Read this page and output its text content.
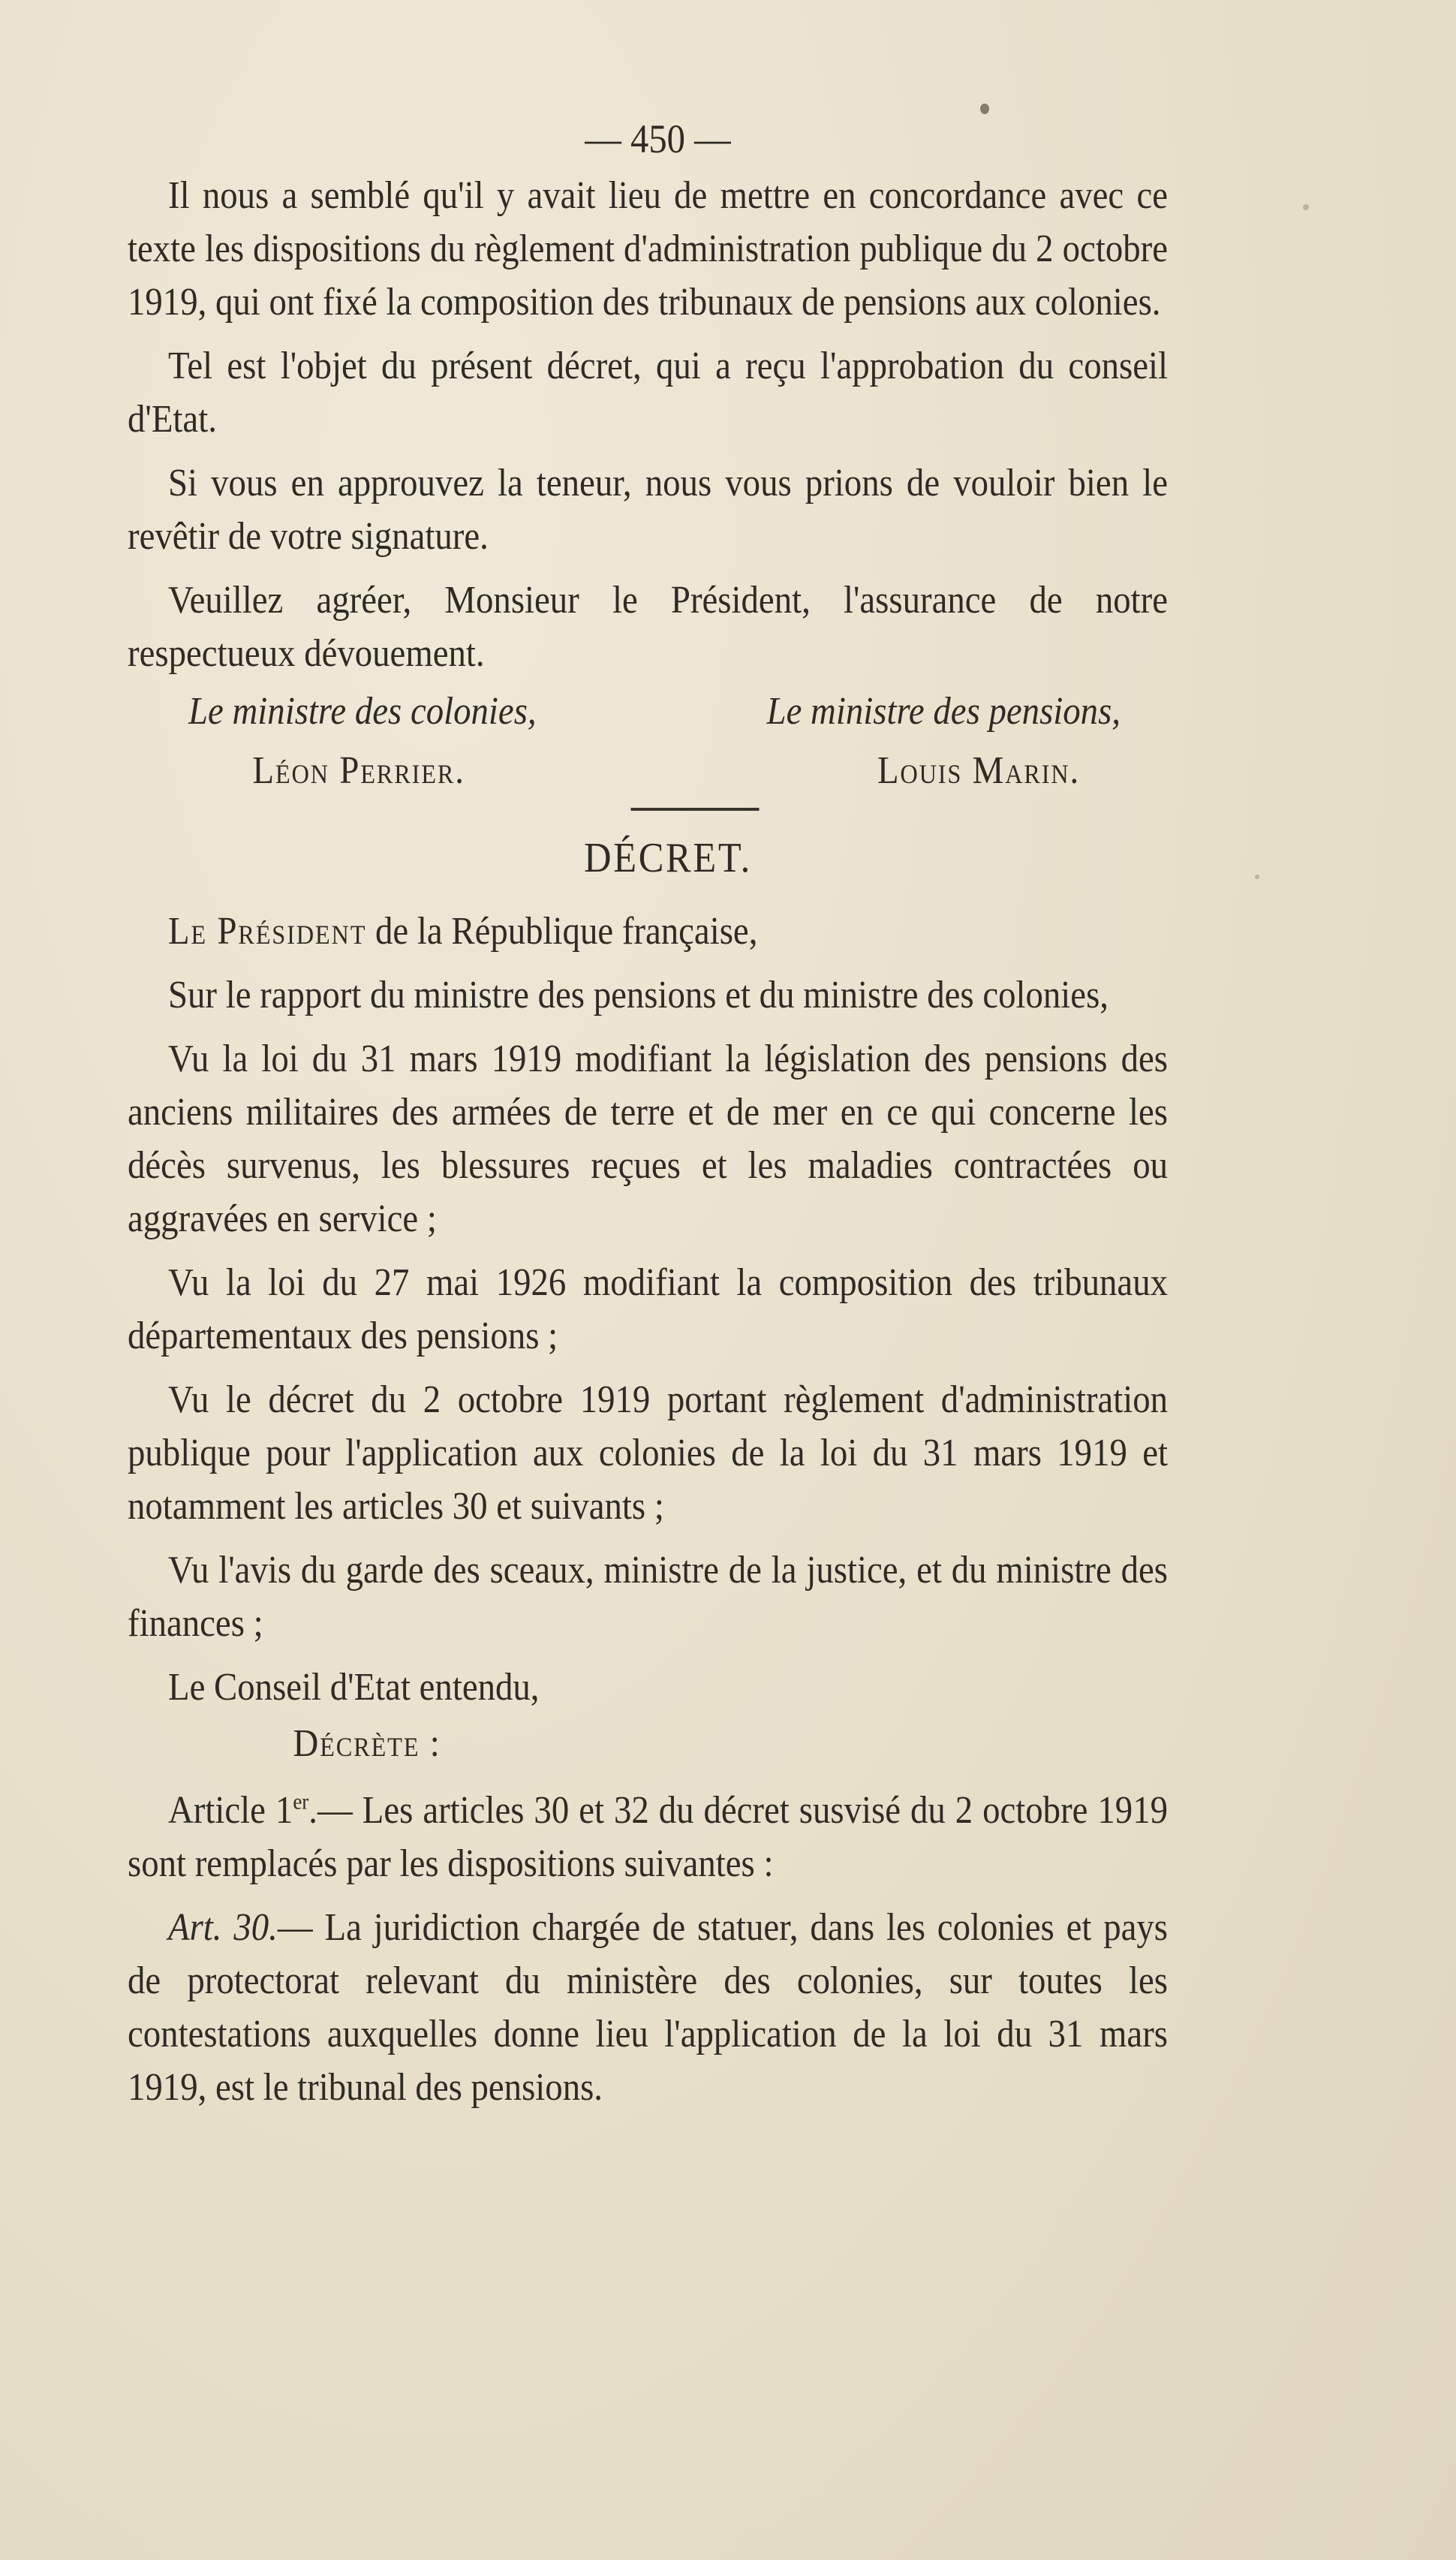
— 450 —

Il nous a semblé qu'il y avait lieu de mettre en concordance avec ce texte les dispositions du règlement d'administration publique du 2 octobre 1919, qui ont fixé la composition des tribunaux de pensions aux colonies.

Tel est l'objet du présent décret, qui a reçu l'approbation du conseil d'Etat.

Si vous en approuvez la teneur, nous vous prions de vouloir bien le revêtir de votre signature.

Veuillez agréer, Monsieur le Président, l'assurance de notre respectueux dévouement.

Le ministre des colonies,	Le ministre des pensions,
Léon Perrier.	Louis Marin.
DÉCRET.

Le Président de la République française,

Sur le rapport du ministre des pensions et du ministre des colonies,

Vu la loi du 31 mars 1919 modifiant la législation des pensions des anciens militaires des armées de terre et de mer en ce qui concerne les décès survenus, les blessures reçues et les maladies contractées ou aggravées en service ;

Vu la loi du 27 mai 1926 modifiant la composition des tribunaux départementaux des pensions ;

Vu le décret du 2 octobre 1919 portant règlement d'administration publique pour l'application aux colonies de la loi du 31 mars 1919 et notamment les articles 30 et suivants ;

Vu l'avis du garde des sceaux, ministre de la justice, et du ministre des finances ;

Le Conseil d'Etat entendu,

Décrète :

Article 1er.— Les articles 30 et 32 du décret susvisé du 2 octobre 1919 sont remplacés par les dispositions suivantes :

Art. 30.— La juridiction chargée de statuer, dans les colonies et pays de protectorat relevant du ministère des colonies, sur toutes les contestations auxquelles donne lieu l'application de la loi du 31 mars 1919, est le tribunal des pensions.
